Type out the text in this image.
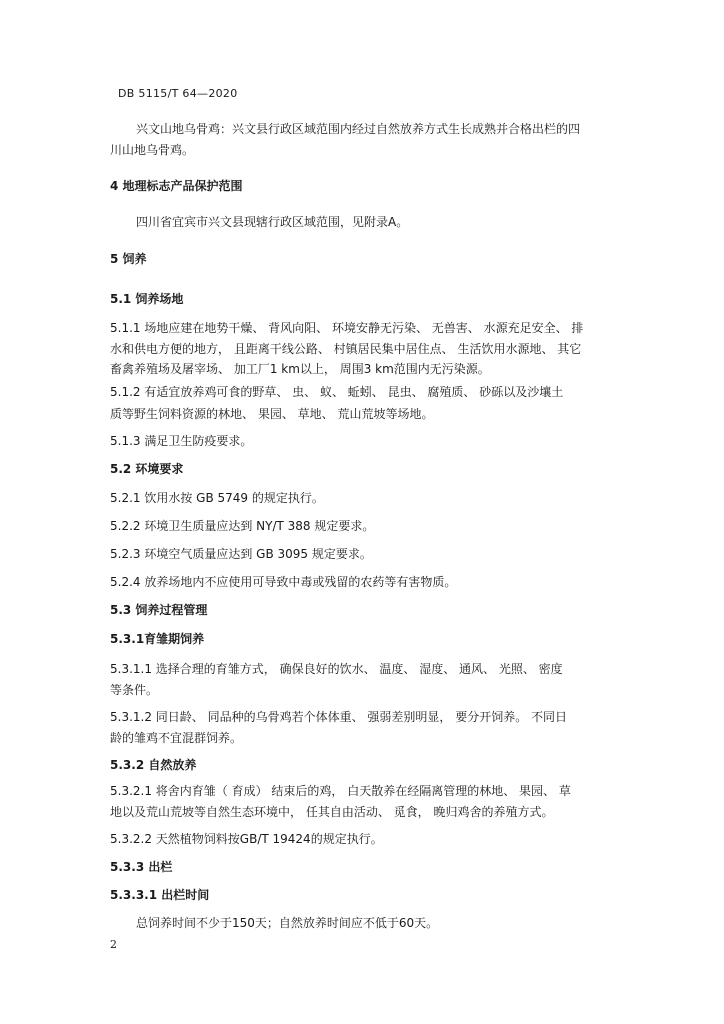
DB 5115/T 64—2020
兴文山地乌骨鸡：兴文县行政区域范围内经过自然放养方式生长成熟并合格出栏的四
川山地乌骨鸡。
4 地理标志产品保护范围
四川省宜宾市兴文县现辖行政区域范围，见附录A。
5 饲养
5.1 饲养场地
5.1.1 场地应建在地势干燥、 背风向阳、 环境安静无污染、 无兽害、 水源充足安全、 排
水和供电方便的地方， 且距离干线公路、 村镇居民集中居住点、 生活饮用水源地、 其它
畜禽养殖场及屠宰场、 加工厂1 km以上， 周围3 km范围内无污染源。
5.1.2 有适宜放养鸡可食的野草、 虫、 蚁、 蚯蚓、 昆虫、 腐殖质、 砂砾以及沙壤土
质等野生饲料资源的林地、 果园、 草地、 荒山荒坡等场地。
5.1.3 满足卫生防疫要求。
5.2 环境要求
5.2.1 饮用水按 GB 5749 的规定执行。
5.2.2 环境卫生质量应达到 NY/T 388 规定要求。
5.2.3 环境空气质量应达到 GB 3095 规定要求。
5.2.4 放养场地内不应使用可导致中毒或残留的农药等有害物质。
5.3 饲养过程管理
5.3.1育雏期饲养
5.3.1.1 选择合理的育雏方式， 确保良好的饮水、 温度、 湿度、 通风、 光照、 密度
等条件。
5.3.1.2 同日龄、 同品种的乌骨鸡若个体体重、 强弱差别明显， 要分开饲养。 不同日
龄的雏鸡不宜混群饲养。
5.3.2 自然放养
5.3.2.1 将舍内育雏（ 育成） 结束后的鸡， 白天散养在经隔离管理的林地、 果园、 草
地以及荒山荒坡等自然生态环境中， 任其自由活动、 觅食， 晚归鸡舍的养殖方式。
5.3.2.2 天然植物饲料按GB/T 19424的规定执行。
5.3.3 出栏
5.3.3.1 出栏时间
总饲养时间不少于150天；自然放养时间应不低于60天。
2
